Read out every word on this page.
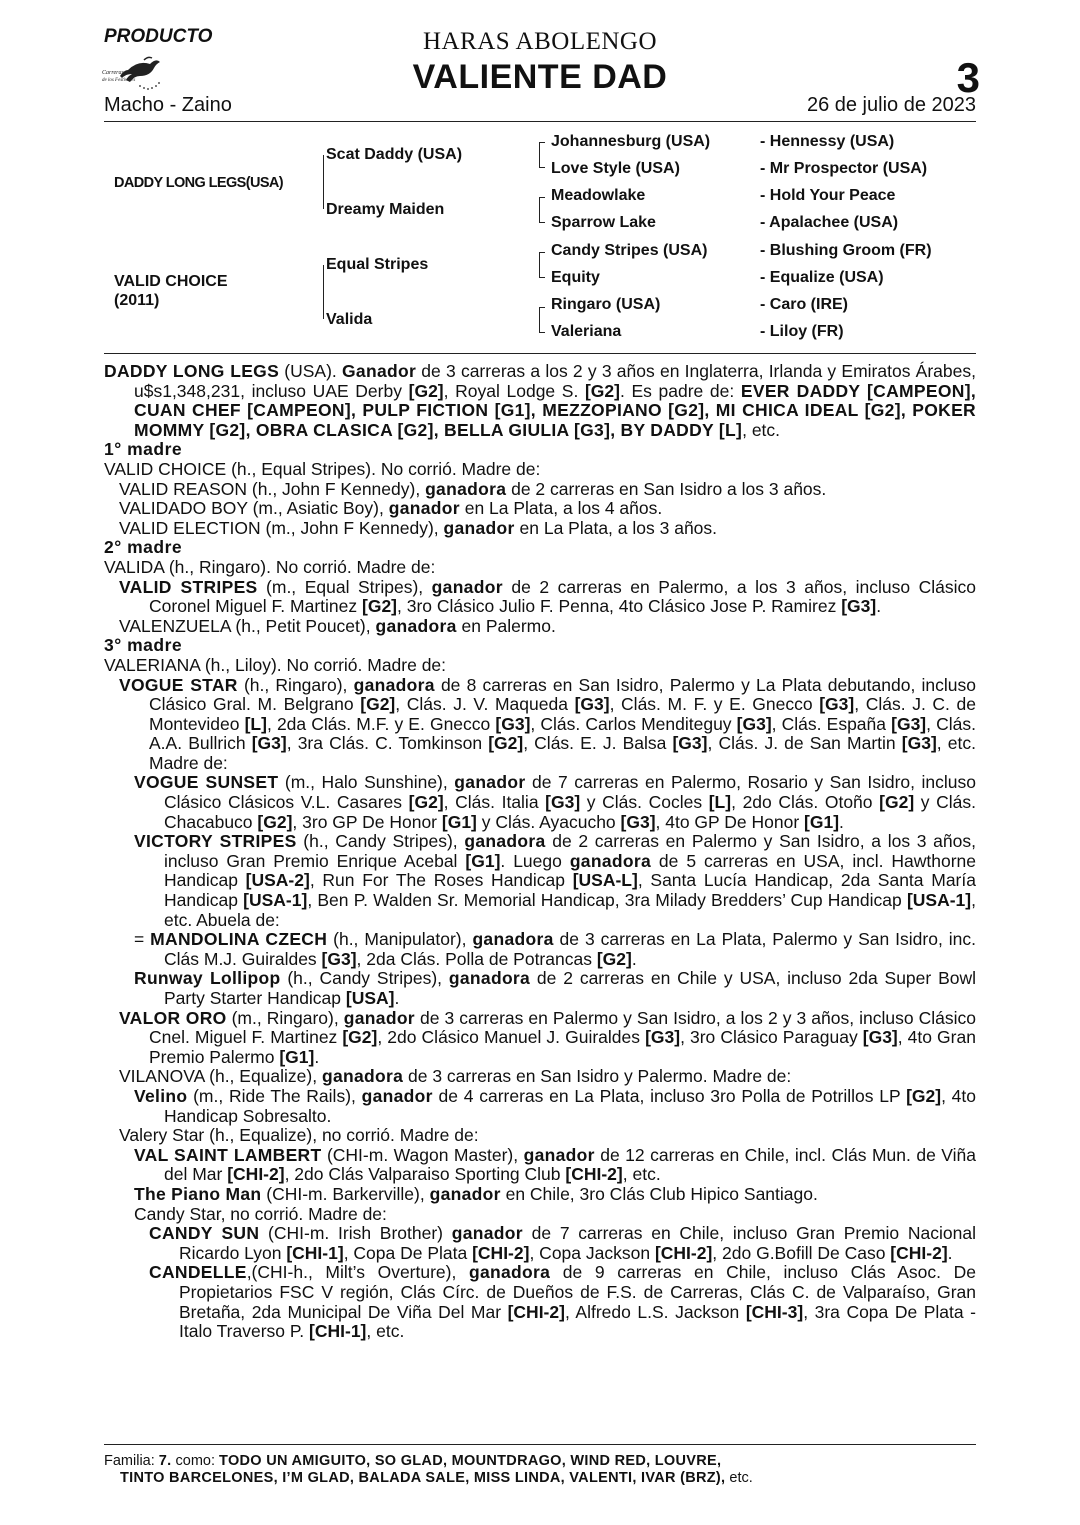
PRODUCTO
Carreras
de los Festivales
HARAS ABOLENGO
VALIENTE DAD	3
Macho - Zaino	26 de julio de 2023
DADDY LONG LEGS(USA)
VALID CHOICE
(2011)
Scat Daddy (USA)
Dreamy Maiden
Equal Stripes
Valida
Johannesburg (USA)
Love Style (USA)
Meadowlake
Sparrow Lake
Candy Stripes (USA)
Equity
Ringaro (USA)
Valeriana
- Hennessy (USA)
- Mr Prospector (USA)
- Hold Your Peace
- Apalachee (USA)
- Blushing Groom (FR)
- Equalize (USA)
- Caro (IRE)
- Liloy (FR)

DADDY LONG LEGS (USA). Ganador de 3 carreras a los 2 y 3 años en Inglaterra, Irlanda y Emiratos Árabes, u$s1,348,231, incluso UAE Derby [G2], Royal Lodge S. [G2]. Es padre de: EVER DADDY [CAMPEON], CUAN CHEF [CAMPEON], PULP FICTION [G1], MEZZOPIANO [G2], MI CHICA IDEAL [G2], POKER MOMMY [G2], OBRA CLASICA [G2], BELLA GIULIA [G3], BY DADDY [L], etc.

1° madre

VALID CHOICE (h., Equal Stripes). No corrió. Madre de:

VALID REASON (h., John F Kennedy), ganadora de 2 carreras en San Isidro a los 3 años.

VALIDADO BOY (m., Asiatic Boy), ganador en La Plata, a los 4 años.

VALID ELECTION (m., John F Kennedy), ganador en La Plata, a los 3 años.

2° madre

VALIDA (h., Ringaro). No corrió. Madre de:

VALID STRIPES (m., Equal Stripes), ganador de 2 carreras en Palermo, a los 3 años, incluso Clásico Coronel Miguel F. Martinez [G2], 3ro Clásico Julio F. Penna, 4to Clásico Jose P. Ramirez [G3].

VALENZUELA (h., Petit Poucet), ganadora en Palermo.

3° madre

VALERIANA (h., Liloy). No corrió. Madre de:

VOGUE STAR (h., Ringaro), ganadora de 8 carreras en San Isidro, Palermo y La Plata debutando, incluso Clásico Gral. M. Belgrano [G2], Clás. J. V. Maqueda [G3], Clás. M. F. y E. Gnecco [G3], Clás. J. C. de Montevideo [L], 2da Clás. M.F. y E. Gnecco [G3], Clás. Carlos Menditeguy [G3], Clás. España [G3], Clás. A.A. Bullrich [G3], 3ra Clás. C. Tomkinson [G2], Clás. E. J. Balsa [G3], Clás. J. de San Martin [G3], etc. Madre de:

VOGUE SUNSET (m., Halo Sunshine), ganador de 7 carreras en Palermo, Rosario y San Isidro, incluso Clásico Clásicos V.L. Casares [G2], Clás. Italia [G3] y Clás. Cocles [L], 2do Clás. Otoño [G2] y Clás. Chacabuco [G2], 3ro GP De Honor [G1] y Clás. Ayacucho [G3], 4to GP De Honor [G1].

VICTORY STRIPES (h., Candy Stripes), ganadora de 2 carreras en Palermo y San Isidro, a los 3 años, incluso Gran Premio Enrique Acebal [G1]. Luego ganadora de 5 carreras en USA, incl. Hawthorne Handicap [USA-2], Run For The Roses Handicap [USA-L], Santa Lucía Handicap, 2da Santa María Handicap [USA-1], Ben P. Walden Sr. Memorial Handicap, 3ra Milady Bredders’ Cup Handicap [USA-1], etc. Abuela de:

= MANDOLINA CZECH (h., Manipulator), ganadora de 3 carreras en La Plata, Palermo y San Isidro, inc. Clás M.J. Guiraldes [G3], 2da Clás. Polla de Potrancas [G2].

Runway Lollipop (h., Candy Stripes), ganadora de 2 carreras en Chile y USA, incluso 2da Super Bowl Party Starter Handicap [USA].

VALOR ORO (m., Ringaro), ganador de 3 carreras en Palermo y San Isidro, a los 2 y 3 años, incluso Clásico Cnel. Miguel F. Martinez [G2], 2do Clásico Manuel J. Guiraldes [G3], 3ro Clásico Paraguay [G3], 4to Gran Premio Palermo [G1].

VILANOVA (h., Equalize), ganadora de 3 carreras en San Isidro y Palermo. Madre de:

Velino (m., Ride The Rails), ganador de 4 carreras en La Plata, incluso 3ro Polla de Potrillos LP [G2], 4to Handicap Sobresalto.

Valery Star (h., Equalize), no corrió. Madre de:

VAL SAINT LAMBERT (CHI-m. Wagon Master), ganador de 12 carreras en Chile, incl. Clás Mun. de Viña del Mar [CHI-2], 2do Clás Valparaiso Sporting Club [CHI-2], etc.

The Piano Man (CHI-m. Barkerville), ganador en Chile, 3ro Clás Club Hipico Santiago.

Candy Star, no corrió. Madre de:

CANDY SUN (CHI-m. Irish Brother) ganador de 7 carreras en Chile, incluso Gran Premio Nacional Ricardo Lyon [CHI-1], Copa De Plata [CHI-2], Copa Jackson [CHI-2], 2do G.Bofill De Caso [CHI-2].

CANDELLE,(CHI-h., Milt’s Overture), ganadora de 9 carreras en Chile, incluso Clás Asoc. De Propietarios FSC V región, Clás Círc. de Dueños de F.S. de Carreras, Clás C. de Valparaíso, Gran Bretaña, 2da Municipal De Viña Del Mar [CHI-2], Alfredo L.S. Jackson [CHI-3], 3ra Copa De Plata - Italo Traverso P. [CHI-1], etc.

Familia: 7. como: TODO UN AMIGUITO, SO GLAD, MOUNTDRAGO, WIND RED, LOUVRE,

TINTO BARCELONES, I’M GLAD, BALADA SALE, MISS LINDA, VALENTI, IVAR (BRZ), etc.
